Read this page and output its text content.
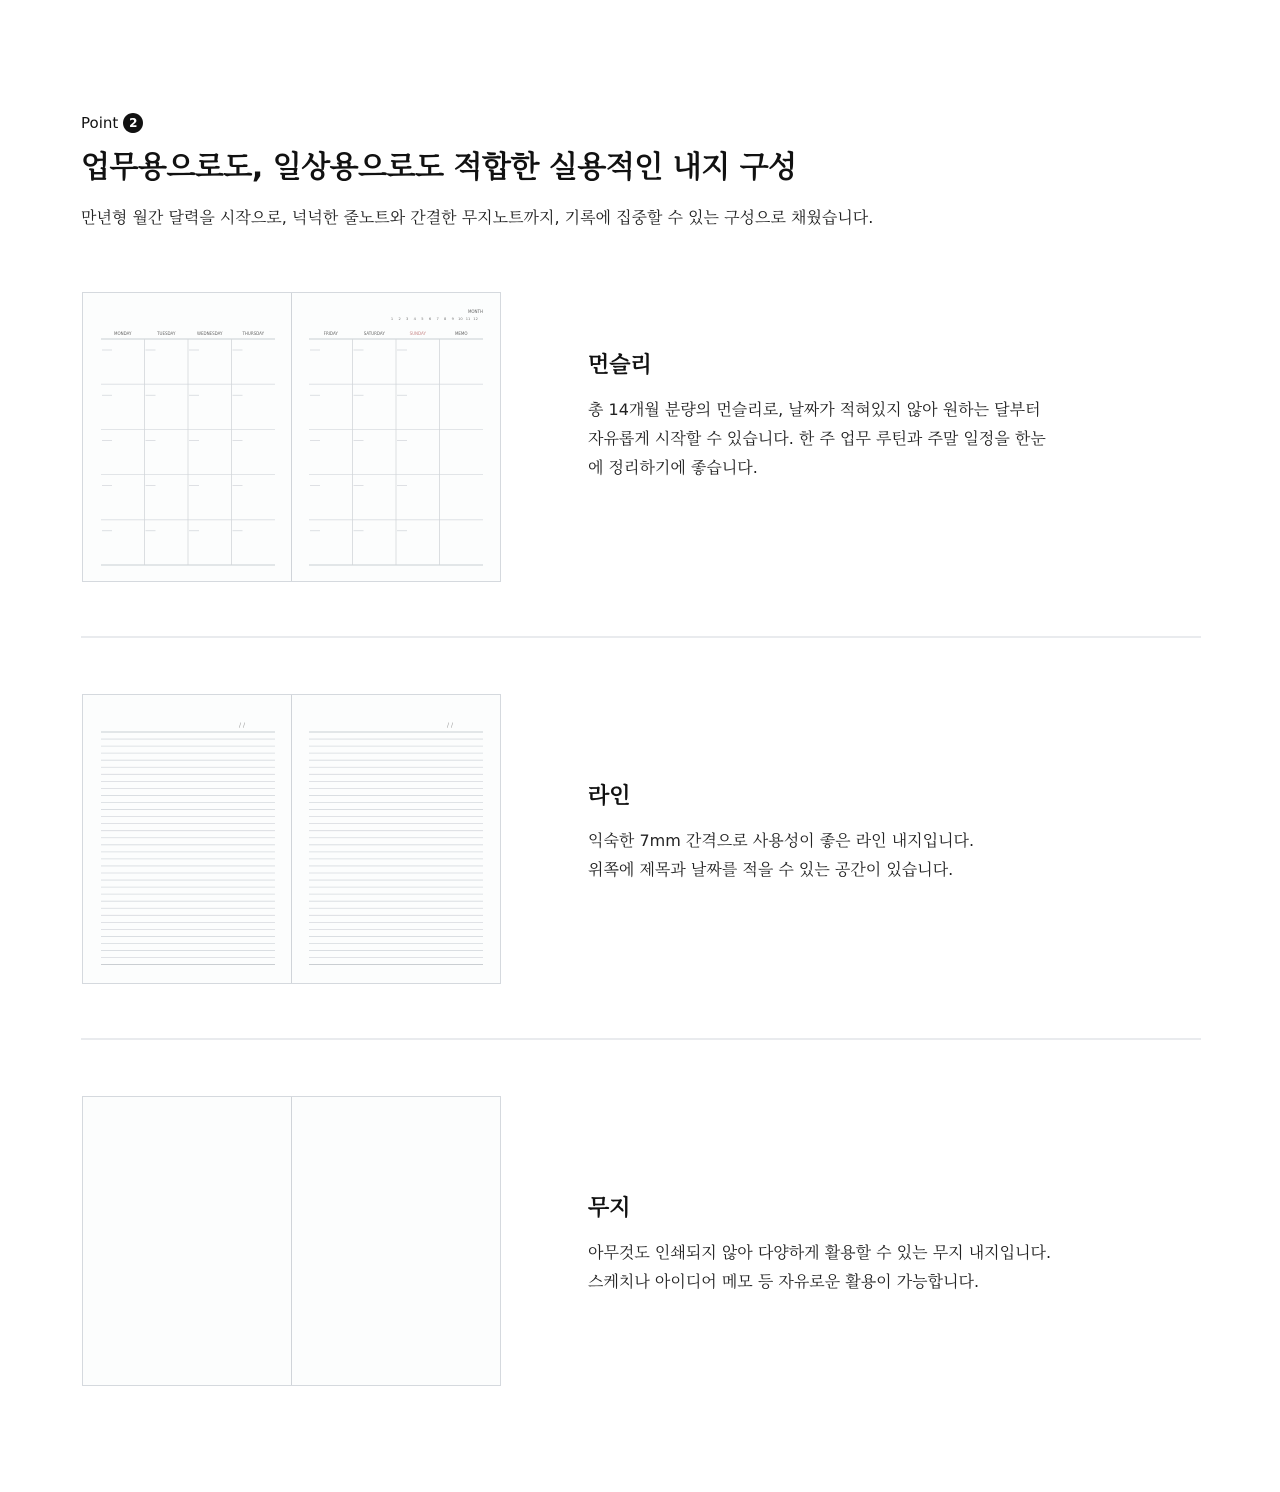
Point 2
업무용으로도, 일상용으로도 적합한 실용적인 내지 구성

만년형 월간 달력을 시작으로, 넉넉한 줄노트와 간결한 무지노트까지, 기록에 집중할 수 있는 구성으로 채웠습니다.

MONDAY	TUESDAY	WEDNESDAY	THURSDAY	FRIDAY	SATURDAY	SUNDAY	MEMO
MONTH
1 2 3 4 5 6 7 8 9 10 11 12
먼슬리

총 14개월 분량의 먼슬리로, 날짜가 적혀있지 않아 원하는 달부터 자유롭게 시작할 수 있습니다. 한 주 업무 루틴과 주말 일정을 한눈에 정리하기에 좋습니다.

/ /	/ /
라인

익숙한 7mm 간격으로 사용성이 좋은 라인 내지입니다.

위쪽에 제목과 날짜를 적을 수 있는 공간이 있습니다.

무지

아무것도 인쇄되지 않아 다양하게 활용할 수 있는 무지 내지입니다.

스케치나 아이디어 메모 등 자유로운 활용이 가능합니다.
